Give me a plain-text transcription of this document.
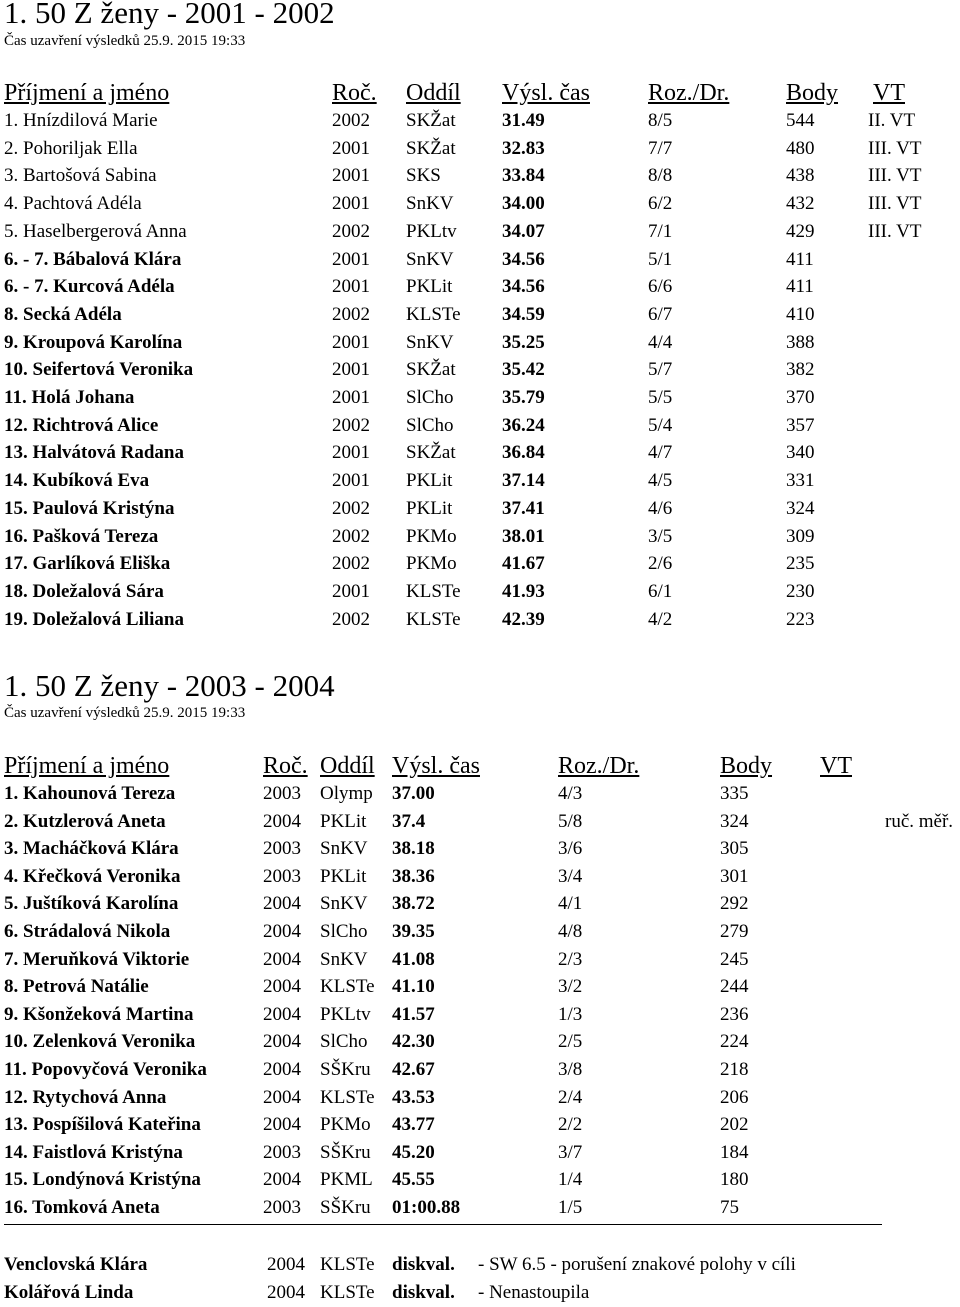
1. 50 Z ženy - 2001 - 2002
Čas uzavření výsledků 25.9. 2015 19:33
Příjmení a jméno	Roč. Oddíl Výsl. čas Roz./Dr. Body VT
1. Hnízdilová Marie	2002 SKŽat 31.49	8/5	544	II. VT
2. Pohoriljak Ella	2001 SKŽat 32.83	7/7	480	III. VT
3. Bartošová Sabina	2001 SKS	33.84	8/8	438	III. VT
4. Pachtová Adéla	2001 SnKV	34.00	6/2	432	III. VT
5. Haselbergerová Anna	2002 PKLtv 34.07	7/1	429	III. VT
6. - 7. Bábalová Klára	2001 SnKV	34.56	5/1	411
6. - 7. Kurcová Adéla	2001 PKLit	34.56	6/6	411
8. Secká Adéla	2002 KLSTe 34.59	6/7	410
9. Kroupová Karolína	2001 SnKV	35.25	4/4	388
10. Seifertová Veronika	2001 SKŽat 35.42	5/7	382
11. Holá Johana	2001 SlCho	35.79	5/5	370
12. Richtrová Alice	2002 SlCho	36.24	5/4	357
13. Halvátová Radana	2001 SKŽat 36.84	4/7	340
14. Kubíková Eva	2001 PKLit	37.14	4/5	331
15. Paulová Kristýna	2002 PKLit	37.41	4/6	324
16. Pašková Tereza	2002 PKMo 38.01	3/5	309
17. Garlíková Eliška	2002 PKMo 41.67	2/6	235
18. Doležalová Sára	2001 KLSTe 41.93	6/1	230
19. Doležalová Liliana	2002 KLSTe 42.39	4/2	223
1. 50 Z ženy - 2003 - 2004
Čas uzavření výsledků 25.9. 2015 19:33
Příjmení a jméno	Roč. Oddíl Výsl. čas	Roz./Dr.	Body VT
1. Kahounová Tereza	2003 Olymp 37.00	4/3	335
2. Kutzlerová Aneta	2004 PKLit 37.4	5/8	324	ruč. měř.
3. Macháčková Klára	2003 SnKV 38.18	3/6	305
4. Křečková Veronika	2003 PKLit 38.36	3/4	301
5. Juštíková Karolína	2004 SnKV 38.72	4/1	292
6. Strádalová Nikola	2004 SlCho 39.35	4/8	279
7. Meruňková Viktorie	2004 SnKV 41.08	2/3	245
8. Petrová Natálie	2004 KLSTe 41.10	3/2	244
9. Kšonžeková Martina	2004 PKLtv 41.57	1/3	236
10. Zelenková Veronika	2004 SlCho 42.30	2/5	224
11. Popovyčová Veronika	2004 SŠKru 42.67	3/8	218
12. Rytychová Anna	2004 KLSTe 43.53	2/4	206
13. Pospíšilová Kateřina	2004 PKMo 43.77	2/2	202
14. Faistlová Kristýna	2003 SŠKru 45.20	3/7	184
15. Londýnová Kristýna	2004 PKML 45.55	1/4	180
16. Tomková Aneta	2003 SŠKru 01:00.88	1/5	75
Venclovská Klára	2004 KLSTe diskval. - SW 6.5 - porušení znakové polohy v cíli
Kolářová Linda	2004 KLSTe diskval. - Nenastoupila
